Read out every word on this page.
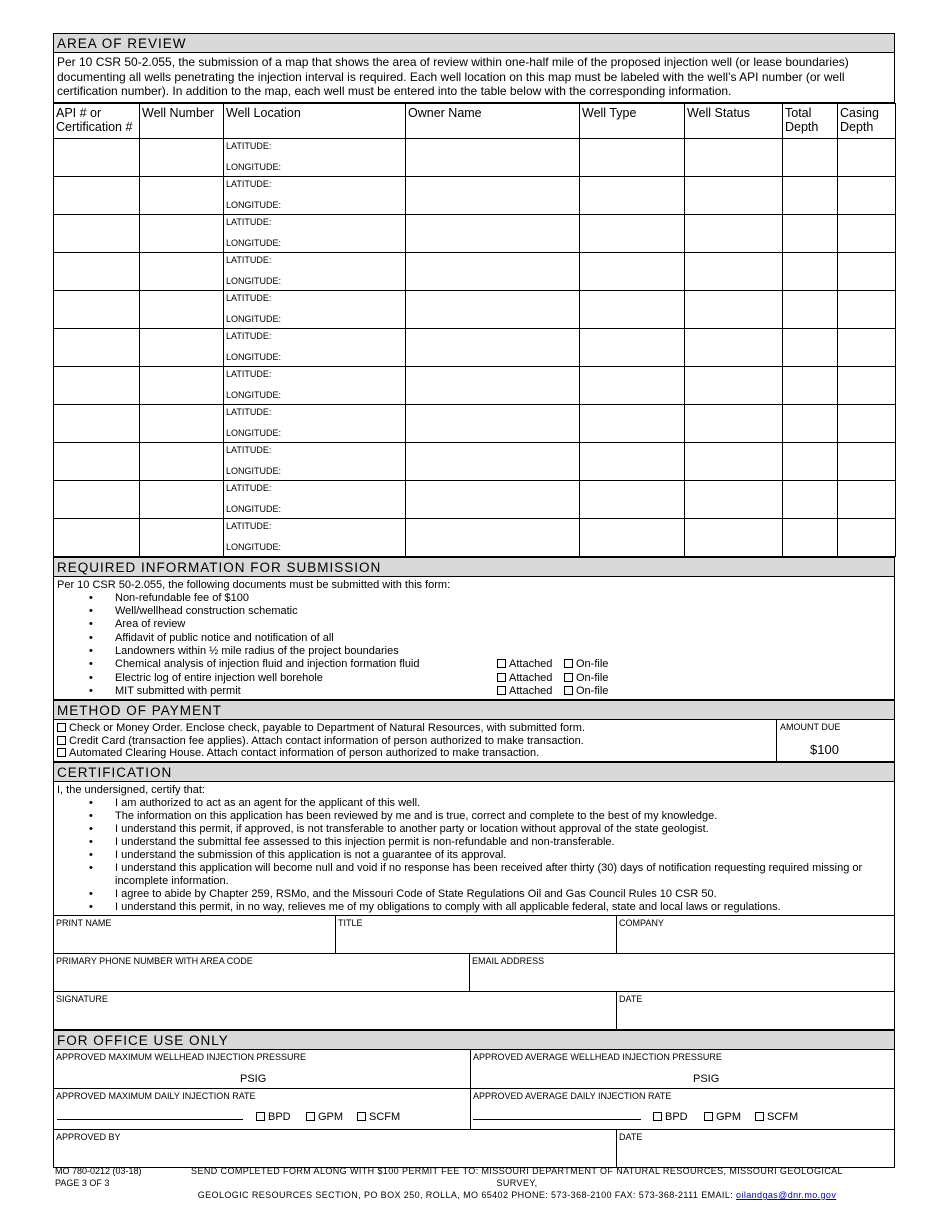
AREA OF REVIEW
Per 10 CSR 50-2.055, the submission of a map that shows the area of review within one-half mile of the proposed injection well (or lease boundaries) documenting all wells penetrating the injection interval is required. Each well location on this map must be labeled with the well’s API number (or well certification number). In addition to the map, each well must be entered into the table below with the corresponding information.
API # or
Certification #	Well Number	Well Location	Owner Name	Well Type	Well Status	Total
Depth	Casing
Depth

		LATITUDE:
LONGITUDE:					

		LATITUDE:
LONGITUDE:					

		LATITUDE:
LONGITUDE:					

		LATITUDE:
LONGITUDE:					

		LATITUDE:
LONGITUDE:					

		LATITUDE:
LONGITUDE:					

		LATITUDE:
LONGITUDE:					

		LATITUDE:
LONGITUDE:					

		LATITUDE:
LONGITUDE:					

		LATITUDE:
LONGITUDE:					

		LATITUDE:
LONGITUDE:					

REQUIRED INFORMATION FOR SUBMISSION
Per 10 CSR 50-2.055, the following documents must be submitted with this form:
• Non-refundable fee of $100
• Well/wellhead construction schematic
• Area of review
• Affidavit of public notice and notification of all
• Landowners within ½ mile radius of the project boundaries
• Chemical analysis of injection fluid and injection formation fluid	Attached	On-file
• Electric log of entire injection well borehole	Attached	On-file
• MIT submitted with permit	Attached	On-file
METHOD OF PAYMENT
Check or Money Order. Enclose check, payable to Department of Natural Resources, with submitted form.
Credit Card (transaction fee applies). Attach contact information of person authorized to make transaction.
Automated Clearing House. Attach contact information of person authorized to make transaction.
AMOUNT DUE
$100
CERTIFICATION
I, the undersigned, certify that:
• I am authorized to act as an agent for the applicant of this well.
• The information on this application has been reviewed by me and is true, correct and complete to the best of my knowledge.
• I understand this permit, if approved, is not transferable to another party or location without approval of the state geologist.
• I understand the submittal fee assessed to this injection permit is non-refundable and non-transferable.
• I understand the submission of this application is not a guarantee of its approval.
• I understand this application will become null and void if no response has been received after thirty (30) days of notification requesting required missing or incomplete information.
• I agree to abide by Chapter 259, RSMo, and the Missouri Code of State Regulations Oil and Gas Council Rules 10 CSR 50.
• I understand this permit, in no way, relieves me of my obligations to comply with all applicable federal, state and local laws or regulations.
PRINT NAME	TITLE	COMPANY
PRIMARY PHONE NUMBER WITH AREA CODE	EMAIL ADDRESS
SIGNATURE	DATE
FOR OFFICE USE ONLY
APPROVED MAXIMUM WELLHEAD INJECTION PRESSURE
PSIG
APPROVED AVERAGE WELLHEAD INJECTION PRESSURE
PSIG
APPROVED MAXIMUM DAILY INJECTION RATE
BPD	GPM	SCFM
APPROVED AVERAGE DAILY INJECTION RATE
BPD	GPM	SCFM
APPROVED BY	DATE
MO 780-0212 (03-18)
PAGE 3 OF 3
SEND COMPLETED FORM ALONG WITH $100 PERMIT FEE TO: MISSOURI DEPARTMENT OF NATURAL RESOURCES, MISSOURI GEOLOGICAL SURVEY,
GEOLOGIC RESOURCES SECTION, PO BOX 250, ROLLA, MO 65402 PHONE: 573-368-2100 FAX: 573-368-2111 EMAIL: oilandgas@dnr.mo.gov
